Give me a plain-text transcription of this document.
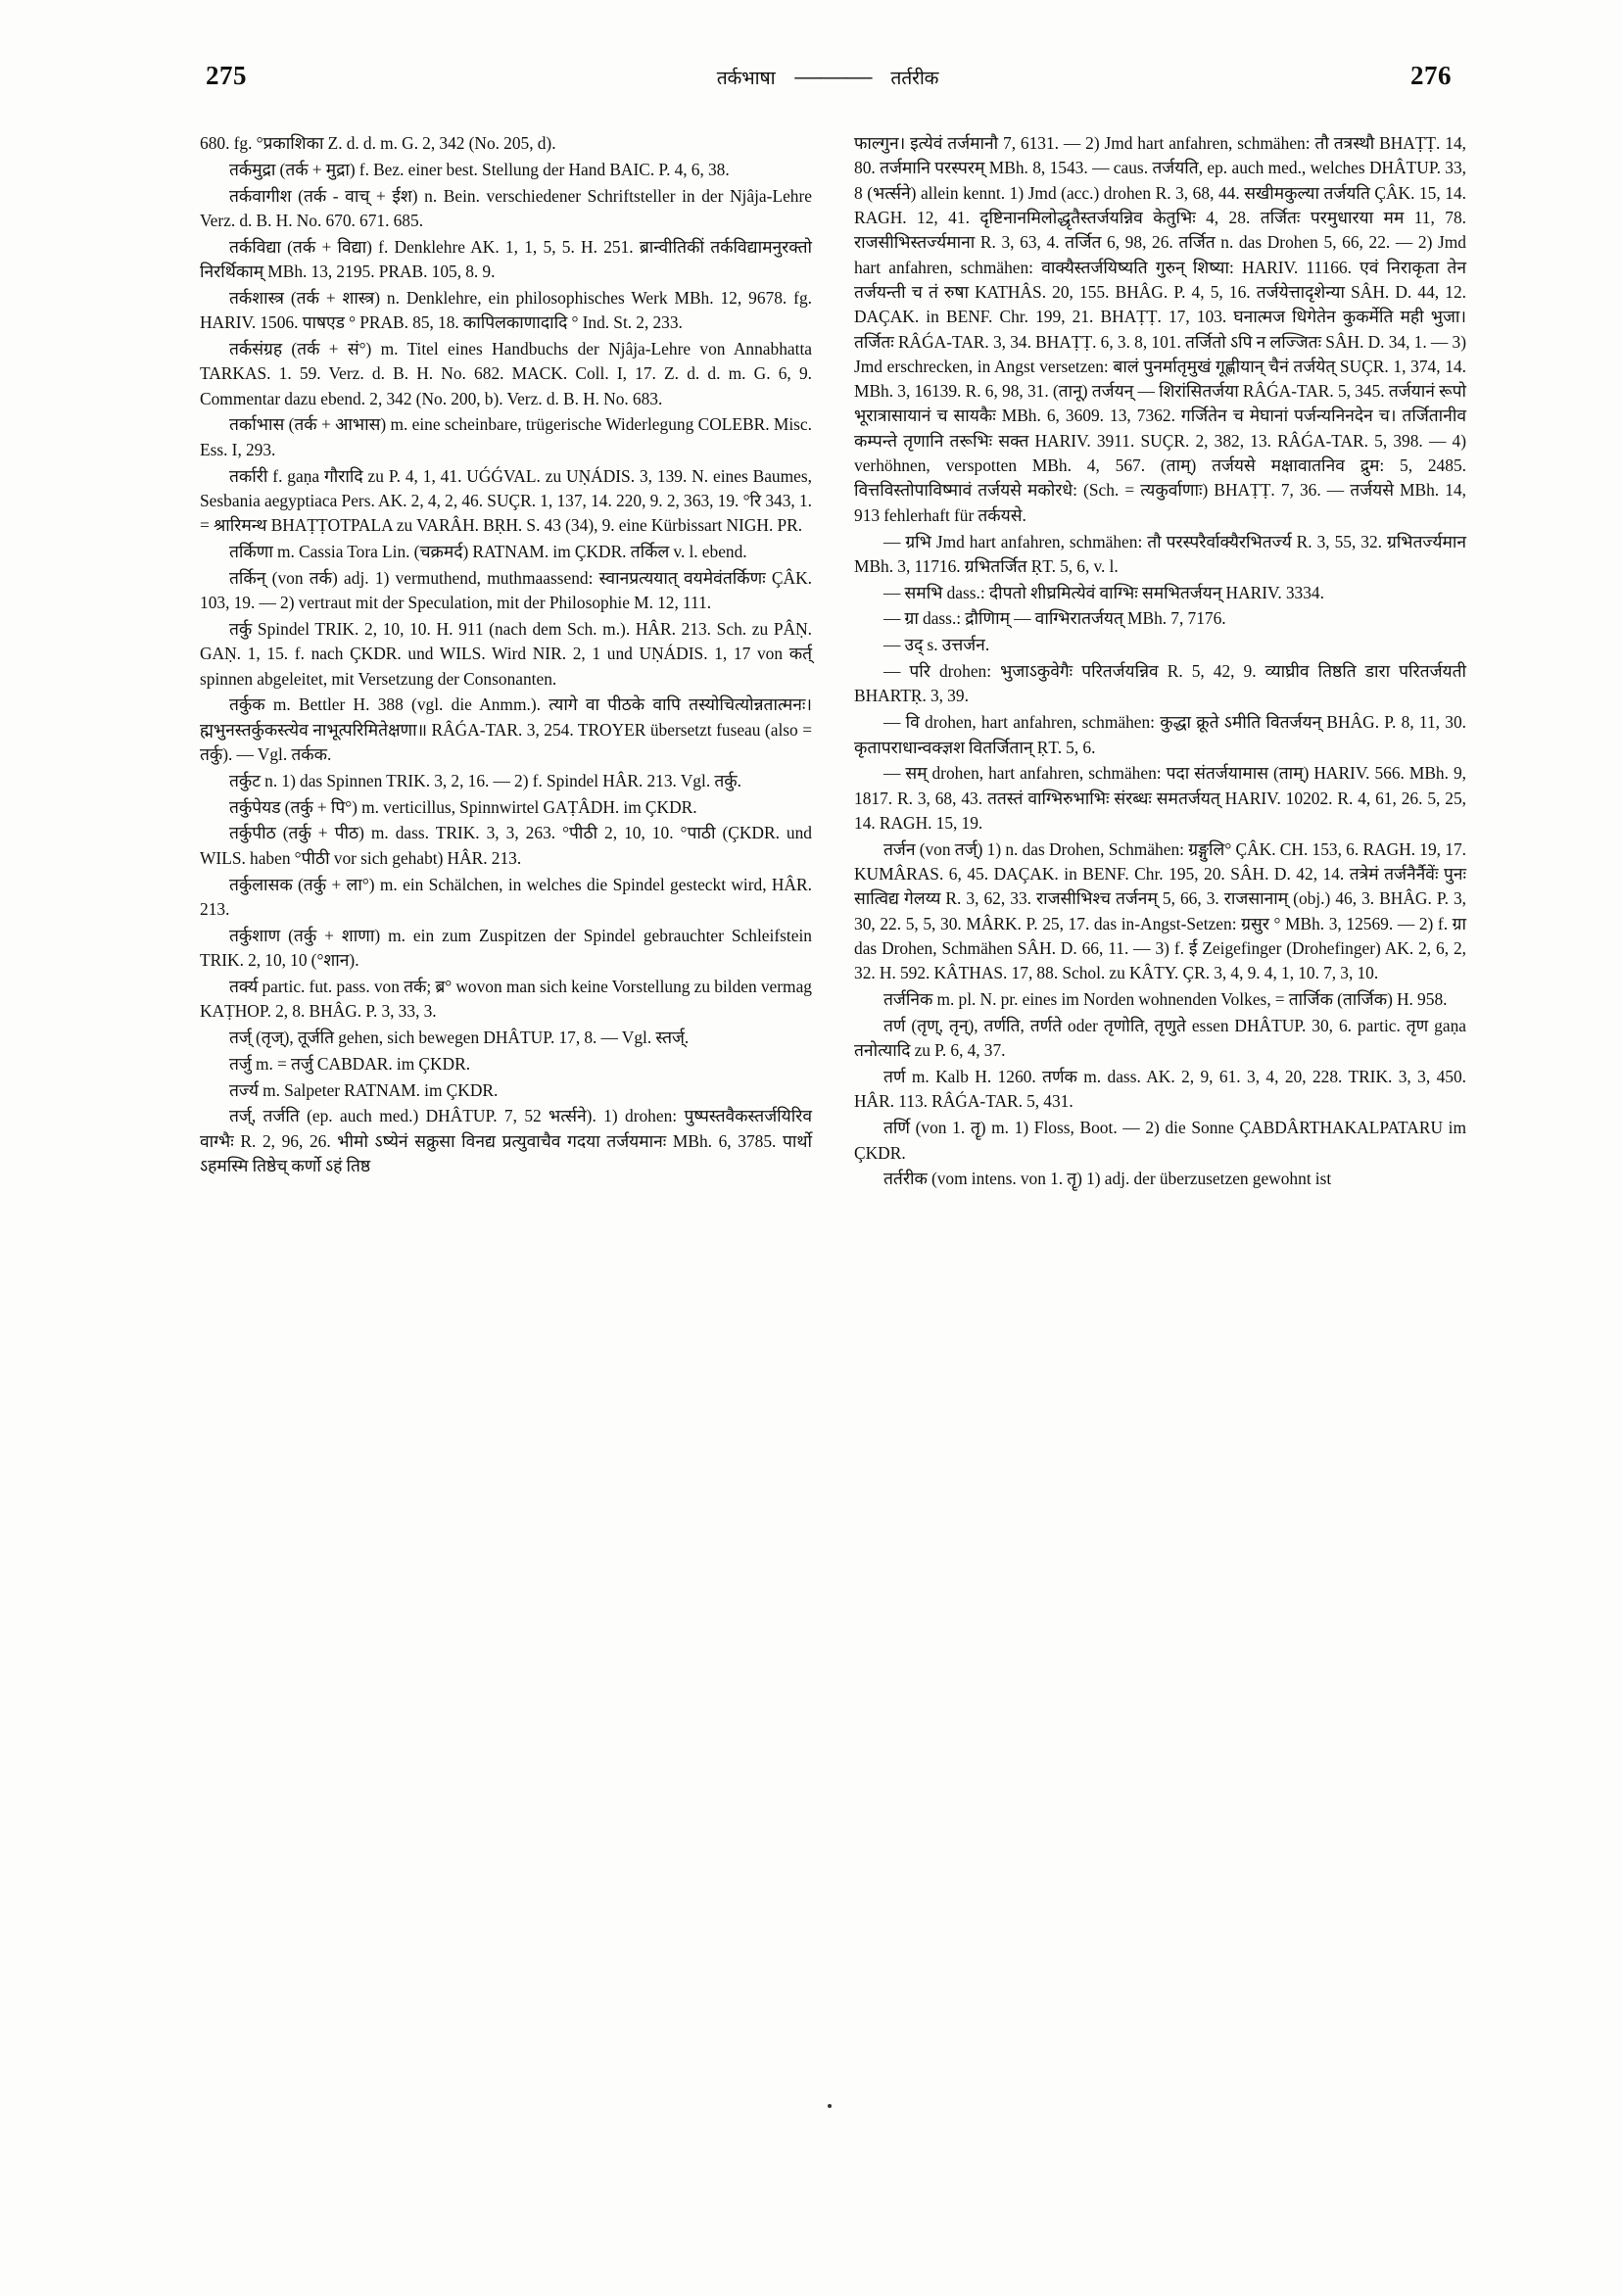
275	तर्कभाषा ——— तर्तरीक	276

680. fg. °प्रकाशिका Z. d. d. m. G. 2, 342 (No. 205, d).

तर्कमुद्रा (तर्क + मुद्रा) f. Bez. einer best. Stellung der Hand BAIC. P. 4, 6, 38.

तर्कवागीश (तर्क - वाच् + ईश) n. Bein. verschiedener Schriftsteller in der Njâja-Lehre Verz. d. B. H. No. 670. 671. 685.

तर्कविद्या (तर्क + विद्या) f. Denklehre AK. 1, 1, 5, 5. H. 251. ब्रान्वीतिकीं तर्कविद्यामनुरक्तो निरर्थिकाम् MBh. 13, 2195. PRAB. 105, 8. 9.

तर्कशास्त्र (तर्क + शास्त्र) n. Denklehre, ein philosophisches Werk MBh. 12, 9678. fg. HARIV. 1506. पाषएड ° PRAB. 85, 18. कापिलकाणादादि ° Ind. St. 2, 233.

तर्कसंग्रह (तर्क + सं°) m. Titel eines Handbuchs der Njâja-Lehre von Annabhatta TARKAS. 1. 59. Verz. d. B. H. No. 682. MACK. Coll. I, 17. Z. d. d. m. G. 6, 9. Commentar dazu ebend. 2, 342 (No. 200, b). Verz. d. B. H. No. 683.

तर्काभास (तर्क + आभास) m. eine scheinbare, trügerische Widerlegung COLEBR. Misc. Ess. I, 293.

तर्कारी f. gaṇa गौरादि zu P. 4, 1, 41. UǴǴVAL. zu UṆÁDIS. 3, 139. N. eines Baumes, Sesbania aegyptiaca Pers. AK. 2, 4, 2, 46. SUÇR. 1, 137, 14. 220, 9. 2, 363, 19. °रि 343, 1. = श्रारिमन्थ BHAṬṬOTPALA zu VARÂH. BṚH. S. 43 (34), 9. eine Kürbissart NIGH. PR.

तर्किणा m. Cassia Tora Lin. (चक्रमर्द) RATNAM. im ÇKDR. तर्किल v. l. ebend.

तर्किन् (von तर्क) adj. 1) vermuthend, muthmaassend: स्वानप्रत्ययात् वयमेवंतर्किणः ÇÂK. 103, 19. — 2) vertraut mit der Speculation, mit der Philosophie M. 12, 111.

तर्कु Spindel TRIK. 2, 10, 10. H. 911 (nach dem Sch. m.). HÂR. 213. Sch. zu PÂṆ. GAṆ. 1, 15. f. nach ÇKDR. und WILS. Wird NIR. 2, 1 und UṆÁDIS. 1, 17 von कर्त् spinnen abgeleitet, mit Versetzung der Consonanten.

तर्कुक m. Bettler H. 388 (vgl. die Anmm.). त्यागे वा पीठके वापि तस्योचित्योन्नतात्मनः। ह्मभुनस्तर्कुकस्त्येव नाभूत्परिमितेक्षणा॥ RÂǴA-TAR. 3, 254. TROYER übersetzt fuseau (also = तर्कु). — Vgl. तर्कक.

तर्कुट n. 1) das Spinnen TRIK. 3, 2, 16. — 2) f. Spindel HÂR. 213. Vgl. तर्कु.

तर्कुपेयड (तर्कु + पि°) m. verticillus, Spinnwirtel GAṬÂDH. im ÇKDR.

तर्कुपीठ (तर्कु + पीठ) m. dass. TRIK. 3, 3, 263. °पीठी 2, 10, 10. °पाठी (ÇKDR. und WILS. haben °पीठी vor sich gehabt) HÂR. 213.

तर्कुलासक (तर्कु + ला°) m. ein Schälchen, in welches die Spindel gesteckt wird, HÂR. 213.

तर्कुशाण (तर्कु + शाणा) m. ein zum Zuspitzen der Spindel gebrauchter Schleifstein TRIK. 2, 10, 10 (°शान).

तर्क्य partic. fut. pass. von तर्क; ब्र° wovon man sich keine Vorstellung zu bilden vermag KAṬHOP. 2, 8. BHÂG. P. 3, 33, 3.

तर्ज् (तृज्), तूर्जति gehen, sich bewegen DHÂTUP. 17, 8. — Vgl. स्तर्ज्.

तर्जु m. = तर्जु CABDAR. im ÇKDR.

तर्ज्य m. Salpeter RATNAM. im ÇKDR.

तर्ज्, तर्जति (ep. auch med.) DHÂTUP. 7, 52 भर्त्सने). 1) drohen: पुष्पस्तवैकस्तर्जयिरिव वाग्भैः R. 2, 96, 26. भीमो ऽष्येनं सक्रुसा विनद्य प्रत्युवाचैव गदया तर्जयमानः MBh. 6, 3785. पार्थो ऽहमस्मि तिष्ठेच् कर्णो ऽहं तिष्ठ

फाल्गुन। इत्येवं तर्जमानौ 7, 6131. — 2) Jmd hart anfahren, schmähen: तौ तत्रस्थौ BHAṬṬ. 14, 80. तर्जमानि परस्परम् MBh. 8, 1543. — caus. तर्जयति, ep. auch med., welches DHÂTUP. 33, 8 (भर्त्सने) allein kennt. 1) Jmd (acc.) drohen R. 3, 68, 44. सखीमकुल्या तर्जयति ÇÂK. 15, 14. RAGH. 12, 41. दृष्टिनानमिलोद्धृतैस्तर्जयन्निव केतुभिः 4, 28. तर्जितः परमुधारया मम 11, 78. राजसीभिस्तर्ज्यमाना R. 3, 63, 4. तर्जित 6, 98, 26. तर्जित n. das Drohen 5, 66, 22. — 2) Jmd hart anfahren, schmähen: वाक्यैस्तर्जयिष्यति गुरुन् शिष्या: HARIV. 11166. एवं निराकृता तेन तर्जयन्ती च तं रुषा KATHÂS. 20, 155. BHÂG. P. 4, 5, 16. तर्जयेत्तादृशेन्या SÂH. D. 44, 12. DAÇAK. in BENF. Chr. 199, 21. BHAṬṬ. 17, 103. घनात्मज धिगेतेन कुकर्मेति मही भुजा। तर्जितः RÂǴA-TAR. 3, 34. BHAṬṬ. 6, 3. 8, 101. तर्जितो ऽपि न लज्जितः SÂH. D. 34, 1. — 3) Jmd erschrecken, in Angst versetzen: बालं पुनर्मातृमुखं गूह्णीयान् चैनं तर्जयेत् SUÇR. 1, 374, 14. MBh. 3, 16139. R. 6, 98, 31. (तानू) तर्जयन् — शिरांसितर्जया RÂǴA-TAR. 5, 345. तर्जयानं रूपो भूरात्रासायानं च सायकैः MBh. 6, 3609. 13, 7362. गर्जितेन च मेघानां पर्जन्यनिनदेन च। तर्जितानीव कम्पन्ते तृणानि तरूभिः सक्त HARIV. 3911. SUÇR. 2, 382, 13. RÂǴA-TAR. 5, 398. — 4) verhöhnen, verspotten MBh. 4, 567. (ताम्) तर्जयसे मक्षावातनिव द्रुम: 5, 2485. वित्तविस्तोपाविष्मावं तर्जयसे मकोरधे: (Sch. = त्यकुर्वाणाः) BHAṬṬ. 7, 36. — तर्जयसे MBh. 14, 913 fehlerhaft für तर्कयसे.

— ग्रभि Jmd hart anfahren, schmähen: तौ परस्परैर्वाक्यैरभितर्ज्य R. 3, 55, 32. ग्रभितर्ज्यमान MBh. 3, 11716. ग्रभितर्जित ṚT. 5, 6, v. l.

— समभि dass.: दीपतो शीघ्रमित्येवं वाग्भिः समभितर्जयन् HARIV. 3334.

— ग्रा dass.: द्रौणिाम् — वाग्भिरातर्जयत् MBh. 7, 7176.

— उद् s. उत्तर्जन.

— परि drohen: भुजाऽकुवेगैः परितर्जयन्निव R. 5, 42, 9. व्याघ्रीव तिष्ठति डारा परितर्जयती BHARTṚ. 3, 39.

— वि drohen, hart anfahren, schmähen: कुद्धा क्रूते ऽमीति वितर्जयन् BHÂG. P. 8, 11, 30. कृतापराधान्वक्ज्ञश वितर्जितान् ṚT. 5, 6.

— सम् drohen, hart anfahren, schmähen: पदा संतर्जयामास (ताम्) HARIV. 566. MBh. 9, 1817. R. 3, 68, 43. ततस्तं वाग्भिरुभाभिः संरब्धः समतर्जयत् HARIV. 10202. R. 4, 61, 26. 5, 25, 14. RAGH. 15, 19.

तर्जन (von तर्ज्) 1) n. das Drohen, Schmähen: ग्रङ्गुलि° ÇÂK. CH. 153, 6. RAGH. 19, 17. KUMÂRAS. 6, 45. DAÇAK. in BENF. Chr. 195, 20. SÂH. D. 42, 14. तत्रेमं तर्जनैर्नैवेंः पुनः सात्विद्य गेलय्य R. 3, 62, 33. राजसीभिश्च तर्जनम् 5, 66, 3. राजसानाम् (obj.) 46, 3. BHÂG. P. 3, 30, 22. 5, 5, 30. MÂRK. P. 25, 17. das in-Angst-Setzen: ग्रसुर ° MBh. 3, 12569. — 2) f. ग्रा das Drohen, Schmähen SÂH. D. 66, 11. — 3) f. ई Zeigefinger (Drohefinger) AK. 2, 6, 2, 32. H. 592. KÂTHAS. 17, 88. Schol. zu KÂTY. ÇR. 3, 4, 9. 4, 1, 10. 7, 3, 10.

तर्जनिक m. pl. N. pr. eines im Norden wohnenden Volkes, = तार्जिक (तार्जिक) H. 958.

तर्ण (तृण्, तृन्), तर्णति, तर्णते oder तृणोति, तृणुते essen DHÂTUP. 30, 6. partic. तृण gaṇa तनोत्यादि zu P. 6, 4, 37.

तर्ण m. Kalb H. 1260. तर्णक m. dass. AK. 2, 9, 61. 3, 4, 20, 228. TRIK. 3, 3, 450. HÂR. 113. RÂǴA-TAR. 5, 431.

तर्णि (von 1. तॄ) m. 1) Floss, Boot. — 2) die Sonne ÇABDÂRTHAKALPATARU im ÇKDR.

तर्तरीक (vom intens. von 1. तॄ) 1) adj. der überzusetzen gewohnt ist
